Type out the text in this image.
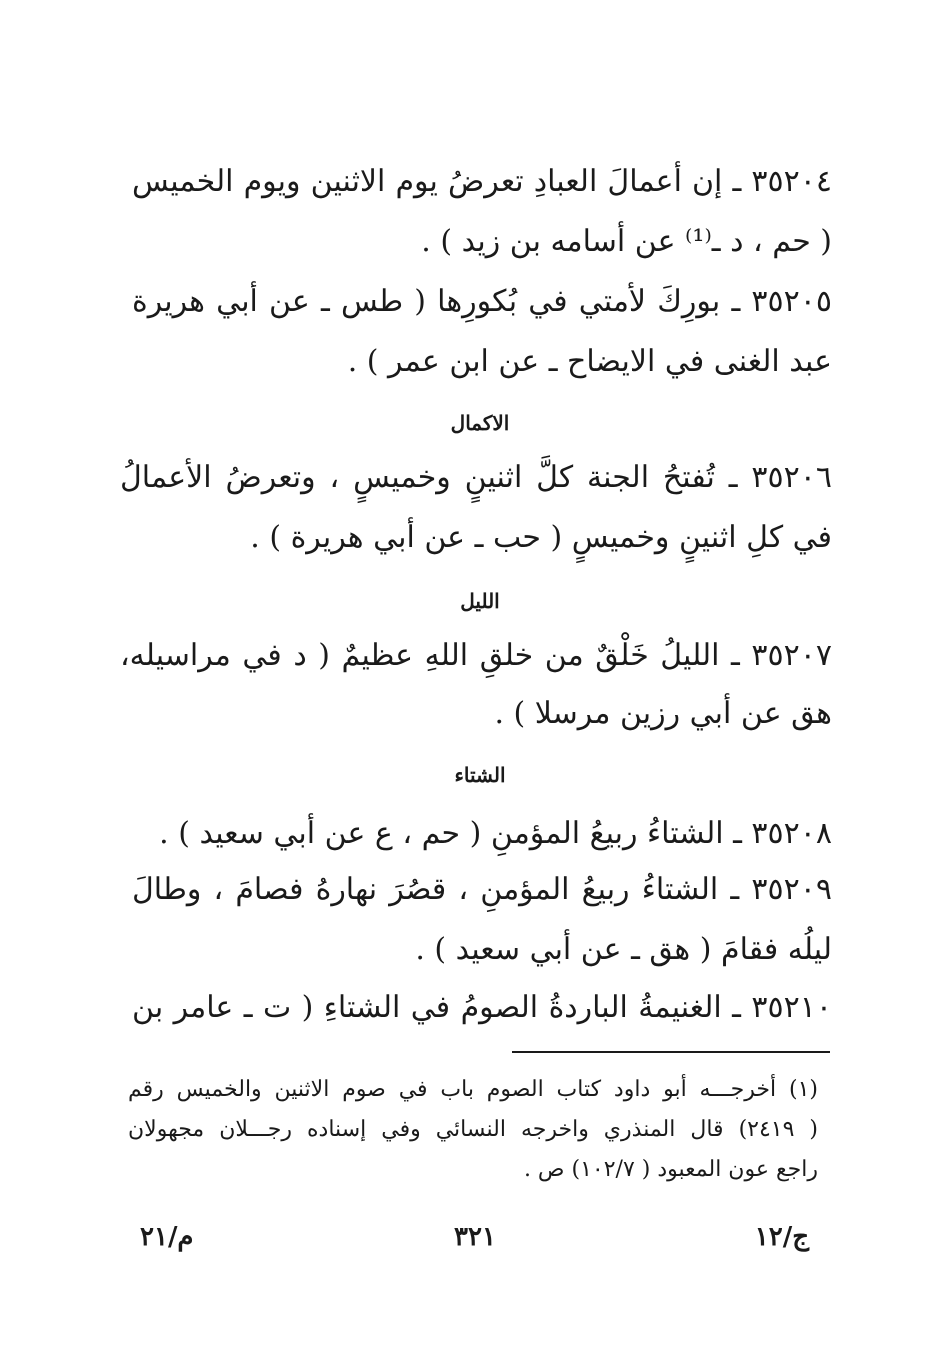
٣٥٢٠٤ ـ إن أعمالَ العبادِ تعرضُ يوم الاثنين ويوم الخميس
( حم ، د ـ⁽¹⁾ عن أسامه بن زيد ) .
٣٥٢٠٥ ـ بورِكَ لأمتي في بُكورِها ( طس ـ عن أبي هريرة
عبد الغنى في الايضاح ـ عن ابن عمر ) .
الاكمال
٣٥٢٠٦ ـ تُفتحُ الجنة كلَّ اثنينٍ وخميسٍ ، وتعرضُ الأعمالُ
في كلِ اثنينٍ وخميسٍ ( حب ـ عن أبي هريرة ) .
الليل
٣٥٢٠٧ ـ الليلُ خَلْقٌ من خلقِ اللهِ عظيمٌ ( د في مراسيله،
هق عن أبي رزين مرسلا ) .
الشتاء
٣٥٢٠٨ ـ الشتاءُ ربيعُ المؤمنِ ( حم ، ع عن أبي سعيد ) .
٣٥٢٠٩ ـ الشتاءُ ربيعُ المؤمنِ ، قصُرَ نهارهُ فصامَ ، وطالَ
ليلُه فقامَ ( هق ـ عن أبي سعيد ) .
٣٥٢١٠ ـ الغنيمةُ الباردةُ الصومُ في الشتاءِ ( ت ـ عامر بن
(١) أخرجـــه أبو داود كتاب الصوم باب في صوم الاثنين والخميس رقم
( ٢٤١٩) قال المنذري واخرجه النسائي وفي إسناده رجـــلان مجهولان
راجع عون المعبود ( ١٠٢/٧) ص .
ج/١٢
٣٢١
م/٢١
